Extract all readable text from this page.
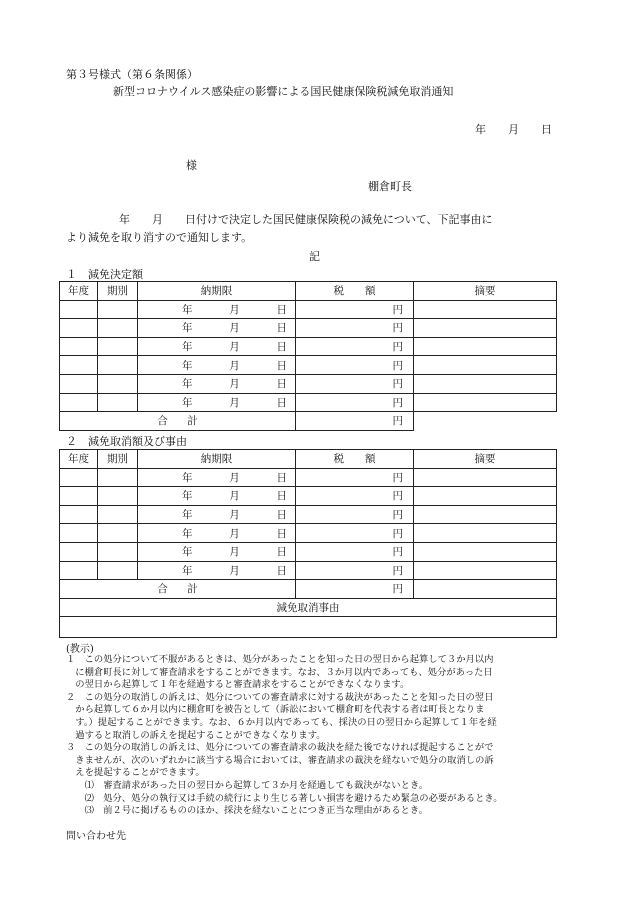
第３号様式（第６条関係）
新型コロナウイルス感染症の影響による国民健康保険税減免取消通知
年　　月　　日
様
棚倉町長
年　　月　　日付けで決定した国民健康保険税の減免について、下記事由に
より減免を取り消すので通知します。
記
１　減免決定額
年度	期別	納期限	税　　額	摘要

		年 月 日	円	

		年 月 日	円	

		年 月 日	円	

		年 月 日	円	

		年 月 日	円	

		年 月 日	円	
合 計			円	
２　減免取消額及び事由
年度	期別	納期限	税　　額	摘要

		年 月 日	円	

		年 月 日	円	

		年 月 日	円	

		年 月 日	円	

		年 月 日	円	

		年 月 日	円	
合 計			円	
減免取消事由				

(教示)
１　この処分について不服があるときは、処分があったことを知った日の翌日から起算して３か月以内
　に棚倉町長に対して審査請求をすることができます。なお、３か月以内であっても、処分があった日
　の翌日から起算して１年を経過すると審査請求をすることができなくなります。
２　この処分の取消しの訴えは、処分についての審査請求に対する裁決があったことを知った日の翌日
　から起算して６か月以内に棚倉町を被告として（訴訟において棚倉町を代表する者は町長となりま
　す。）提起することができます。なお、６か月以内であっても、採決の日の翌日から起算して１年を経
　過すると取消しの訴えを提起することができなくなります。
３　この処分の取消しの訴えは、処分についての審査請求の裁決を経た後でなければ提起することがで
　きませんが、次のいずれかに該当する場合においては、審査請求の裁決を経ないで処分の取消しの訴
　えを提起することができます。
　　⑴　審査請求があった日の翌日から起算して３か月を経過しても裁決がないとき。
　　⑵　処分、処分の執行又は手続の続行により生じる著しい損害を避けるため緊急の必要があるとき。
　　⑶　前２号に掲げるもののほか、採決を経ないことにつき正当な理由があるとき。
問い合わせ先
